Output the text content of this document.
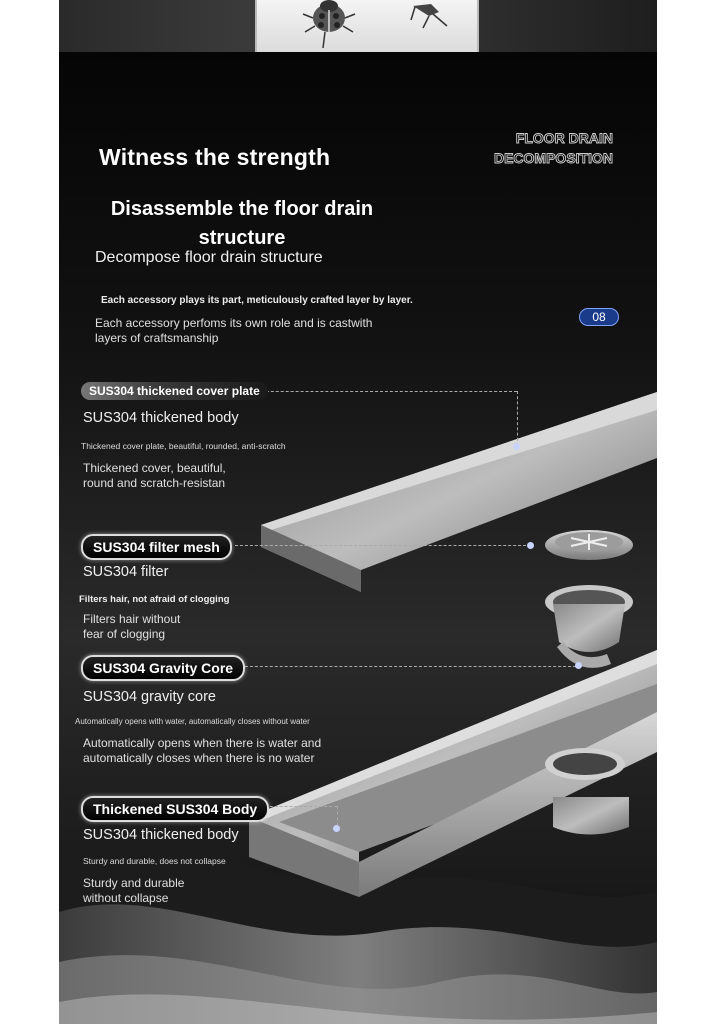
Witness the strength
FLOOR DRAIN
DECOMPOSITION
Disassemble the floor drain
structure
Decompose floor drain structure
Each accessory plays its part, meticulously crafted layer by layer.
Each accessory perfoms its own role and is castwith layers of craftsmanship
08
SUS304 thickened cover plate
SUS304 thickened body
Thickened cover plate, beautiful, rounded, anti-scratch
Thickened cover, beautiful, round and scratch-resistan
SUS304 filter mesh
SUS304 filter
Filters hair, not afraid of clogging
Filters hair without fear of clogging
SUS304 Gravity Core
SUS304 gravity core
Automatically opens with water, automatically closes without water
Automatically opens when there is water and automatically closes when there is no water
Thickened SUS304 Body
SUS304 thickened body
Sturdy and durable, does not collapse
Sturdy and durable without collapse
